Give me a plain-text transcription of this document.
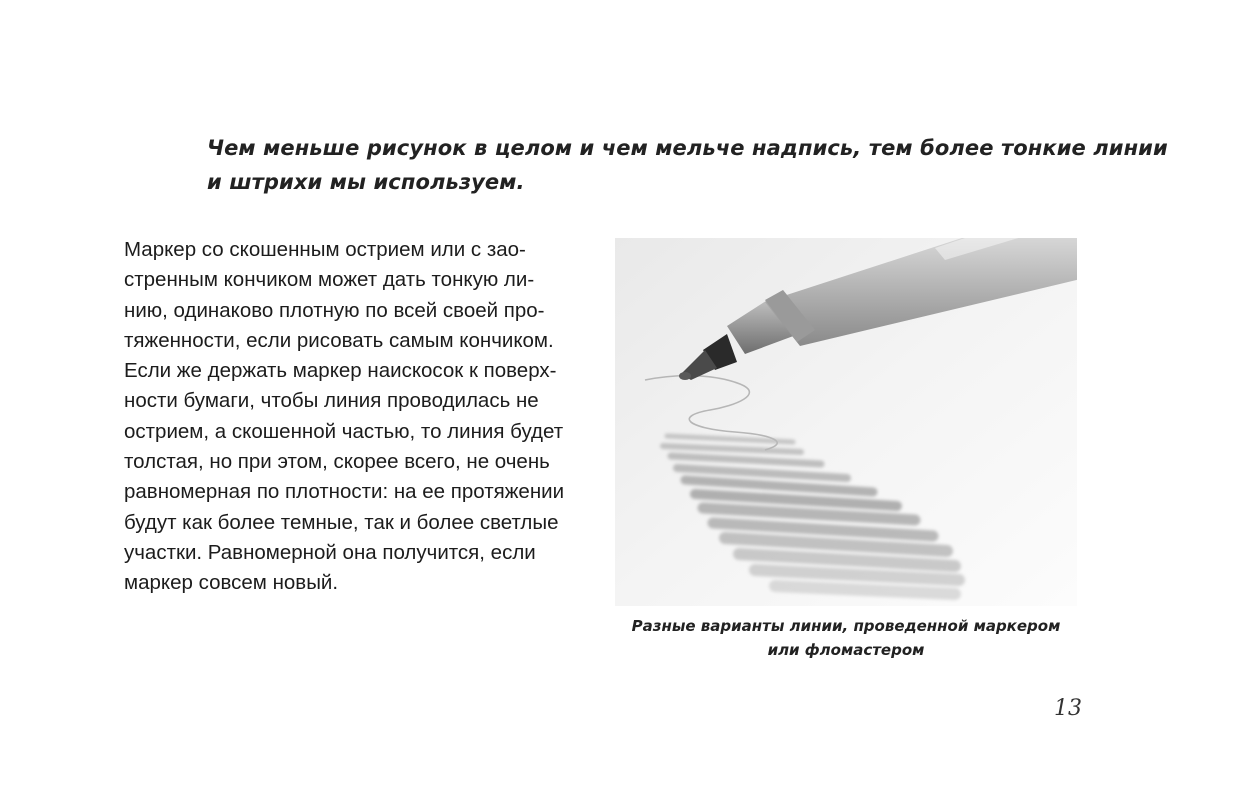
Чем меньше рисунок в целом и чем мельче надпись, тем более тонкие линии
и штрихи мы используем.
Маркер со скошенным острием или с зао-
стренным кончиком может дать тонкую ли-
нию, одинаково плотную по всей своей про-
тяженности, если рисовать самым кончиком.
Если же держать маркер наискосок к поверх-
ности бумаги, чтобы линия проводилась не
острием, а скошенной частью, то линия будет
толстая, но при этом, скорее всего, не очень
равномерная по плотности: на ее протяжении
будут как более темные, так и более светлые
участки. Равномерной она получится, если
маркер совсем новый.
Разные варианты линии, проведенной маркером
или фломастером
13
